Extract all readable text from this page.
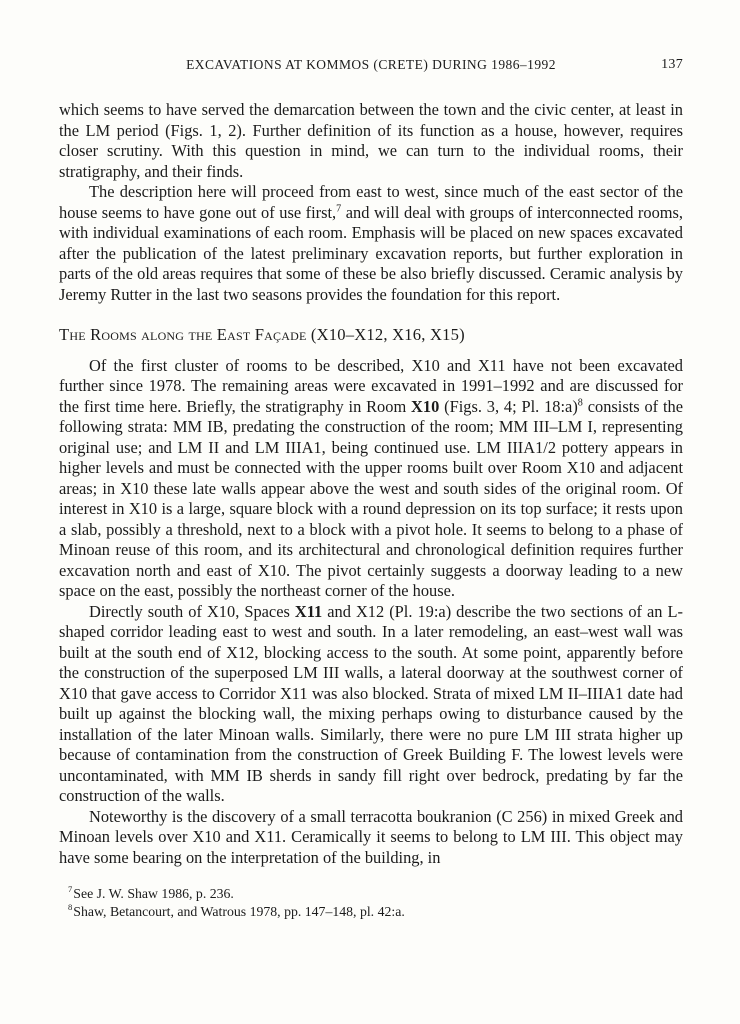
EXCAVATIONS AT KOMMOS (CRETE) DURING 1986–1992	137

which seems to have served the demarcation between the town and the civic center, at least in the LM period (Figs. 1, 2). Further definition of its function as a house, however, requires closer scrutiny. With this question in mind, we can turn to the individual rooms, their stratigraphy, and their finds.

The description here will proceed from east to west, since much of the east sector of the house seems to have gone out of use first,$^7$ and will deal with groups of interconnected rooms, with individual examinations of each room. Emphasis will be placed on new spaces excavated after the publication of the latest preliminary excavation reports, but further exploration in parts of the old areas requires that some of these be also briefly discussed. Ceramic analysis by Jeremy Rutter in the last two seasons provides the foundation for this report.

The Rooms along the East Façade (X10–X12, X16, X15)

Of the first cluster of rooms to be described, X10 and X11 have not been excavated further since 1978. The remaining areas were excavated in 1991–1992 and are discussed for the first time here. Briefly, the stratigraphy in Room X10 (Figs. 3, 4; Pl. 18:a)$^8$ consists of the following strata: MM IB, predating the construction of the room; MM III–LM I, representing original use; and LM II and LM IIIA1, being continued use. LM IIIA1/2 pottery appears in higher levels and must be connected with the upper rooms built over Room X10 and adjacent areas; in X10 these late walls appear above the west and south sides of the original room. Of interest in X10 is a large, square block with a round depression on its top surface; it rests upon a slab, possibly a threshold, next to a block with a pivot hole. It seems to belong to a phase of Minoan reuse of this room, and its architectural and chronological definition requires further excavation north and east of X10. The pivot certainly suggests a doorway leading to a new space on the east, possibly the northeast corner of the house.

Directly south of X10, Spaces X11 and X12 (Pl. 19:a) describe the two sections of an L-shaped corridor leading east to west and south. In a later remodeling, an east–west wall was built at the south end of X12, blocking access to the south. At some point, apparently before the construction of the superposed LM III walls, a lateral doorway at the southwest corner of X10 that gave access to Corridor X11 was also blocked. Strata of mixed LM II–IIIA1 date had built up against the blocking wall, the mixing perhaps owing to disturbance caused by the installation of the later Minoan walls. Similarly, there were no pure LM III strata higher up because of contamination from the construction of Greek Building F. The lowest levels were uncontaminated, with MM IB sherds in sandy fill right over bedrock, predating by far the construction of the walls.

Noteworthy is the discovery of a small terracotta boukranion (C 256) in mixed Greek and Minoan levels over X10 and X11. Ceramically it seems to belong to LM III. This object may have some bearing on the interpretation of the building, in

$^7$See J. W. Shaw 1986, p. 236.

$^8$Shaw, Betancourt, and Watrous 1978, pp. 147–148, pl. 42:a.
